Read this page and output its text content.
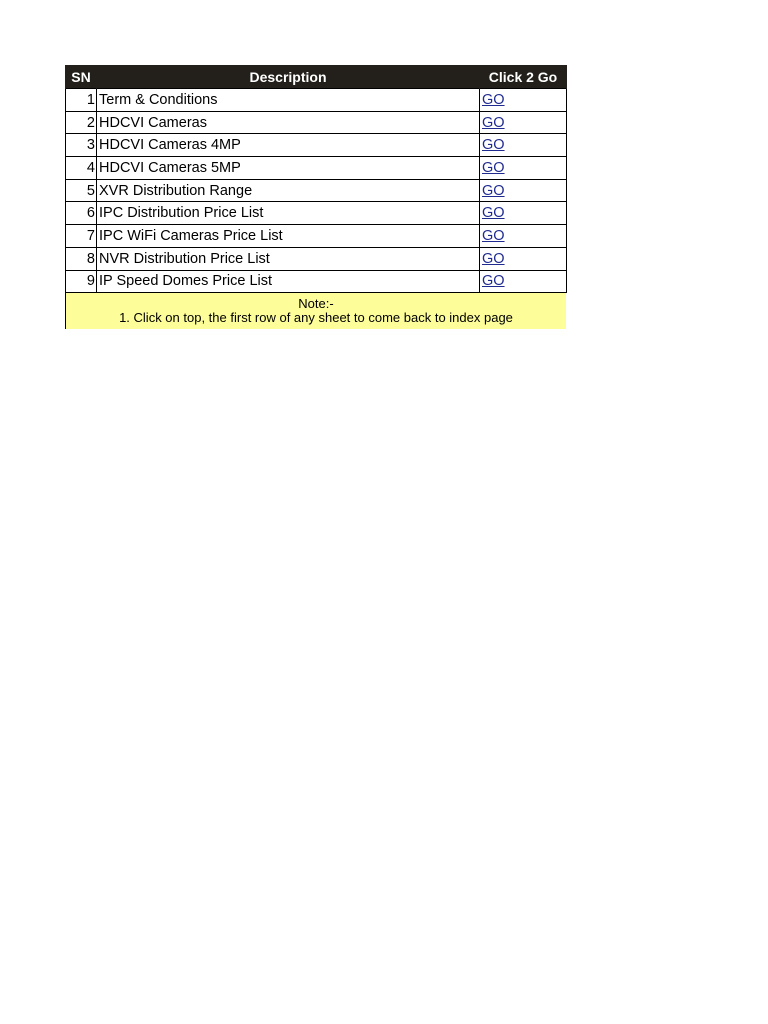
SN	Description	Click 2 Go
1	Term & Conditions	GO
2	HDCVI Cameras	GO
3	HDCVI Cameras 4MP	GO
4	HDCVI Cameras 5MP	GO
5	XVR Distribution Range	GO
6	IPC Distribution Price List	GO
7	IPC WiFi Cameras Price List	GO
8	NVR Distribution Price List	GO
9	IP Speed Domes Price List	GO
Note:-
1. Click on top, the first row of any sheet to come back to index page
